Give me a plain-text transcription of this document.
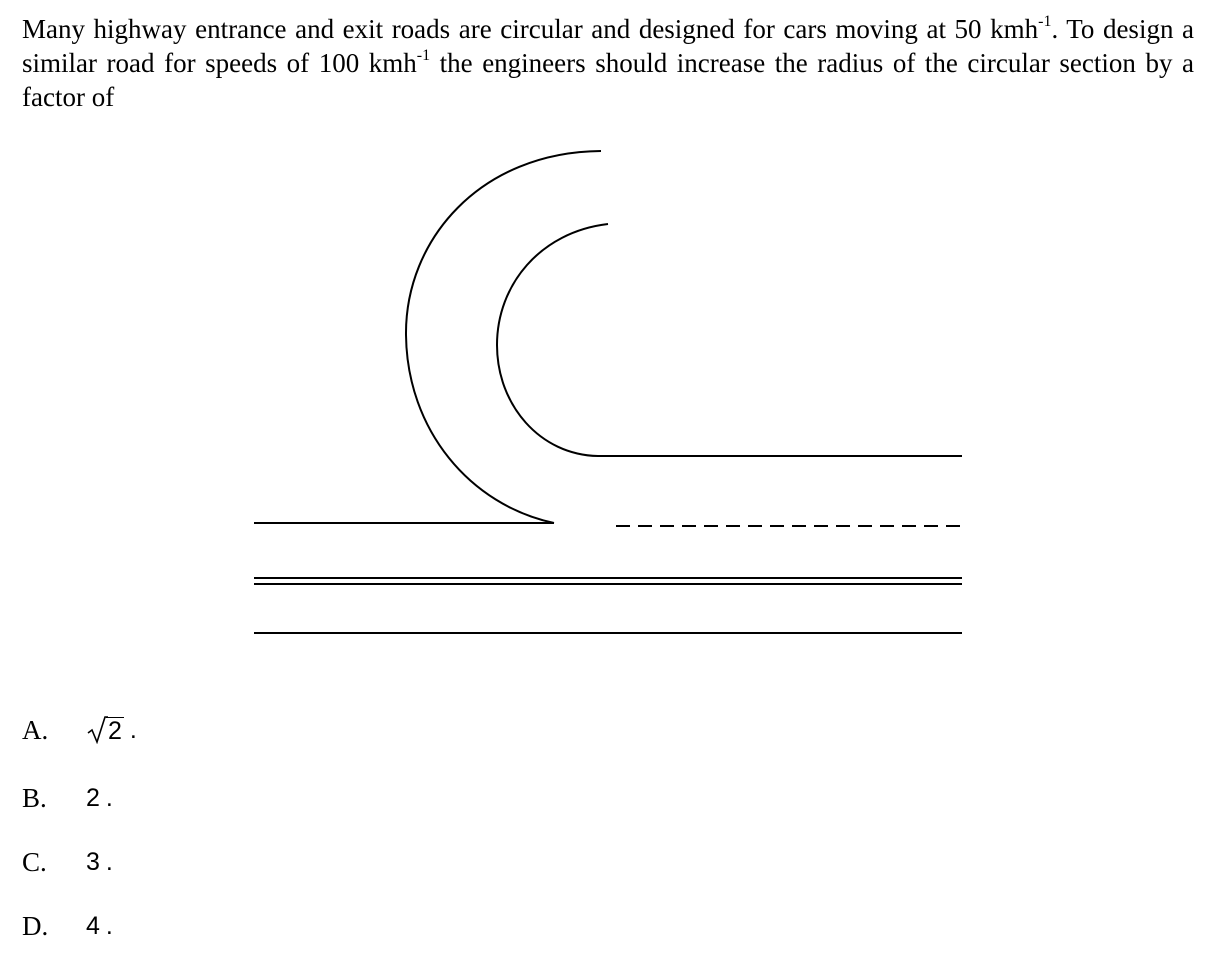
Many highway entrance and exit roads are circular and designed for cars moving at 50 kmh$^{-1}$. To design a similar road for speeds of 100 kmh$^{-1}$ the engineers should increase the radius of the circular section by a factor of
A.	2 .
B.	2 .
C.	3 .
D.	4 .
